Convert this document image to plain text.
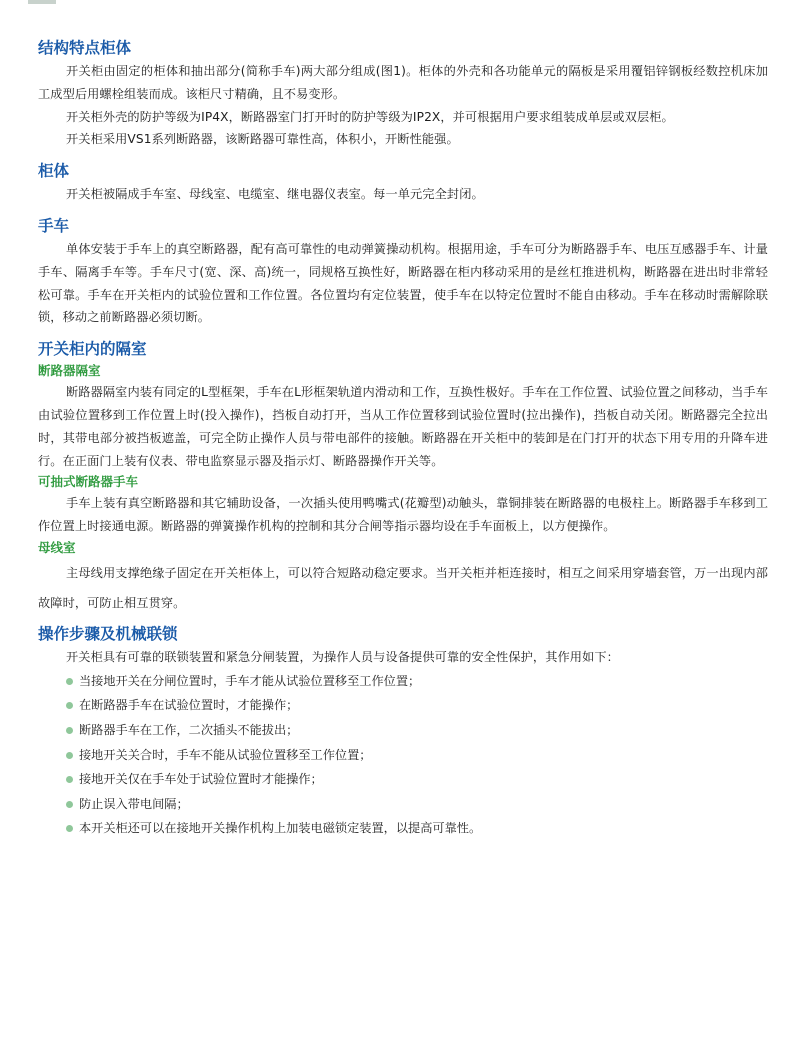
结构特点柜体

开关柜由固定的柜体和抽出部分(简称手车)两大部分组成(图1)。柜体的外壳和各功能单元的隔板是采用覆铝锌钢板经数控机床加工成型后用螺栓组装而成。该柜尺寸精确，且不易变形。

开关柜外壳的防护等级为IP4X，断路器室门打开时的防护等级为IP2X，并可根据用户要求组装成单层或双层柜。

开关柜采用VS1系列断路器，该断路器可靠性高，体积小，开断性能强。

柜体

开关柜被隔成手车室、母线室、电缆室、继电器仪表室。每一单元完全封闭。

手车

单体安装于手车上的真空断路器，配有高可靠性的电动弹簧操动机构。根据用途，手车可分为断路器手车、电压互感器手车、计量手车、隔离手车等。手车尺寸(宽、深、高)统一，同规格互换性好，断路器在柜内移动采用的是丝杠推进机构，断路器在进出时非常轻松可靠。手车在开关柜内的试验位置和工作位置。各位置均有定位装置，使手车在以特定位置时不能自由移动。手车在移动时需解除联锁，移动之前断路器必须切断。

开关柜内的隔室
断路器隔室

断路器隔室内装有同定的L型框架，手车在L形框架轨道内滑动和工作，互换性极好。手车在工作位置、试验位置之间移动，当手车由试验位置移到工作位置上时(投入操作)，挡板自动打开，当从工作位置移到试验位置时(拉出操作)，挡板自动关闭。断路器完全拉出时，其带电部分被挡板遮盖，可完全防止操作人员与带电部件的接触。断路器在开关柜中的装卸是在门打开的状态下用专用的升降车进行。在正面门上装有仪表、带电监察显示器及指示灯、断路器操作开关等。

可抽式断路器手车

手车上装有真空断路器和其它辅助设备，一次插头使用鸭嘴式(花瓣型)动触头，靠铜排装在断路器的电极柱上。断路器手车移到工作位置上时接通电源。断路器的弹簧操作机构的控制和其分合闸等指示器均设在手车面板上，以方便操作。

母线室

主母线用支撑绝缘子固定在开关柜体上，可以符合短路动稳定要求。当开关柜并柜连接时，相互之间采用穿墙套管，万一出现内部故障时，可防止相互贯穿。

操作步骤及机械联锁

开关柜具有可靠的联锁装置和紧急分闸装置，为操作人员与设备提供可靠的安全性保护，其作用如下：

当接地开关在分闸位置时，手车才能从试验位置移至工作位置；
在断路器手车在试验位置时，才能操作；
断路器手车在工作，二次插头不能拔出；
接地开关关合时，手车不能从试验位置移至工作位置；
接地开关仅在手车处于试验位置时才能操作；
防止误入带电间隔；
本开关柜还可以在接地开关操作机构上加装电磁锁定装置，以提高可靠性。
